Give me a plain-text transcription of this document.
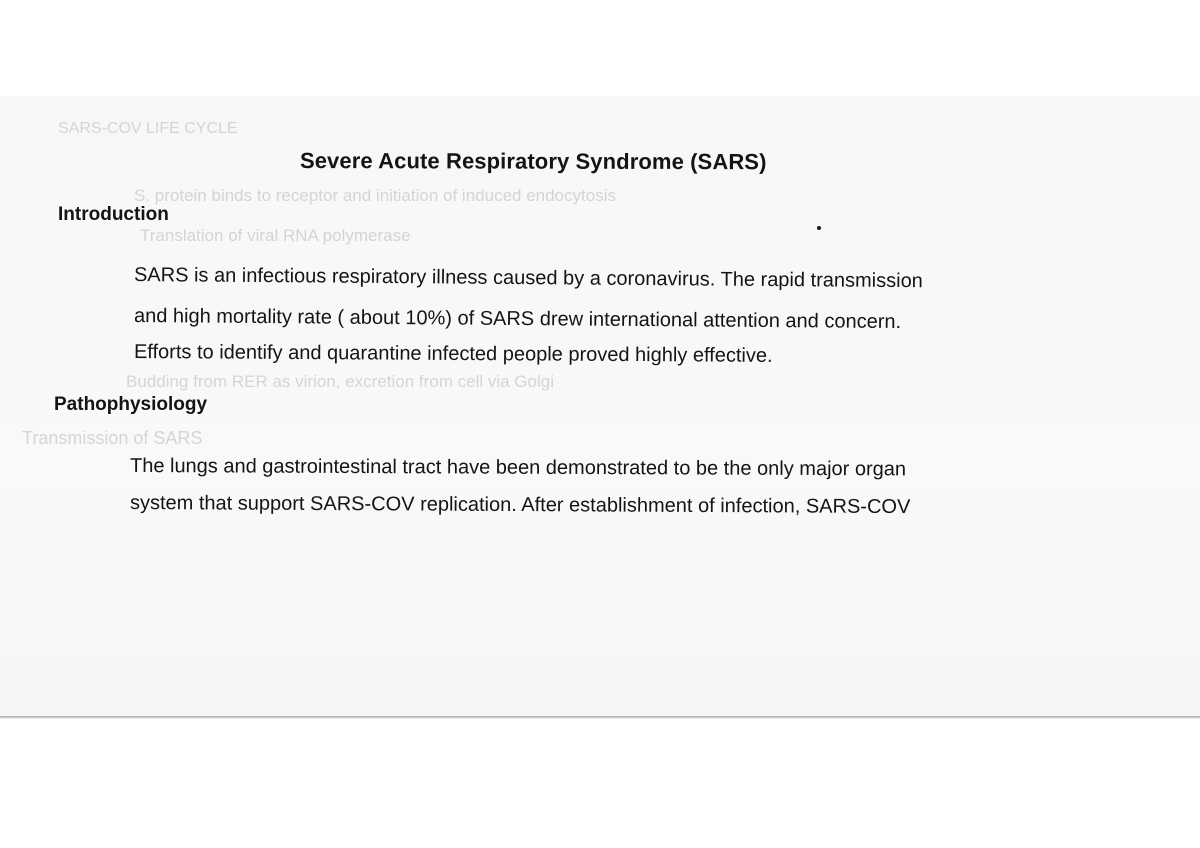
SARS-COV LIFE CYCLE
S. protein binds to receptor and initiation of induced endocytosis
Translation of viral RNA polymerase
Budding from RER as virion, excretion from cell via Golgi
Transmission of SARS
Severe Acute Respiratory Syndrome (SARS)
Introduction
SARS is an infectious respiratory illness caused by a coronavirus. The rapid transmission
and high mortality rate ( about 10%) of SARS drew international attention and concern.
Efforts to identify and quarantine infected people proved highly effective.
Pathophysiology
The lungs and gastrointestinal tract have been demonstrated to be the only major organ
system that support SARS-COV replication. After establishment of infection, SARS-COV
